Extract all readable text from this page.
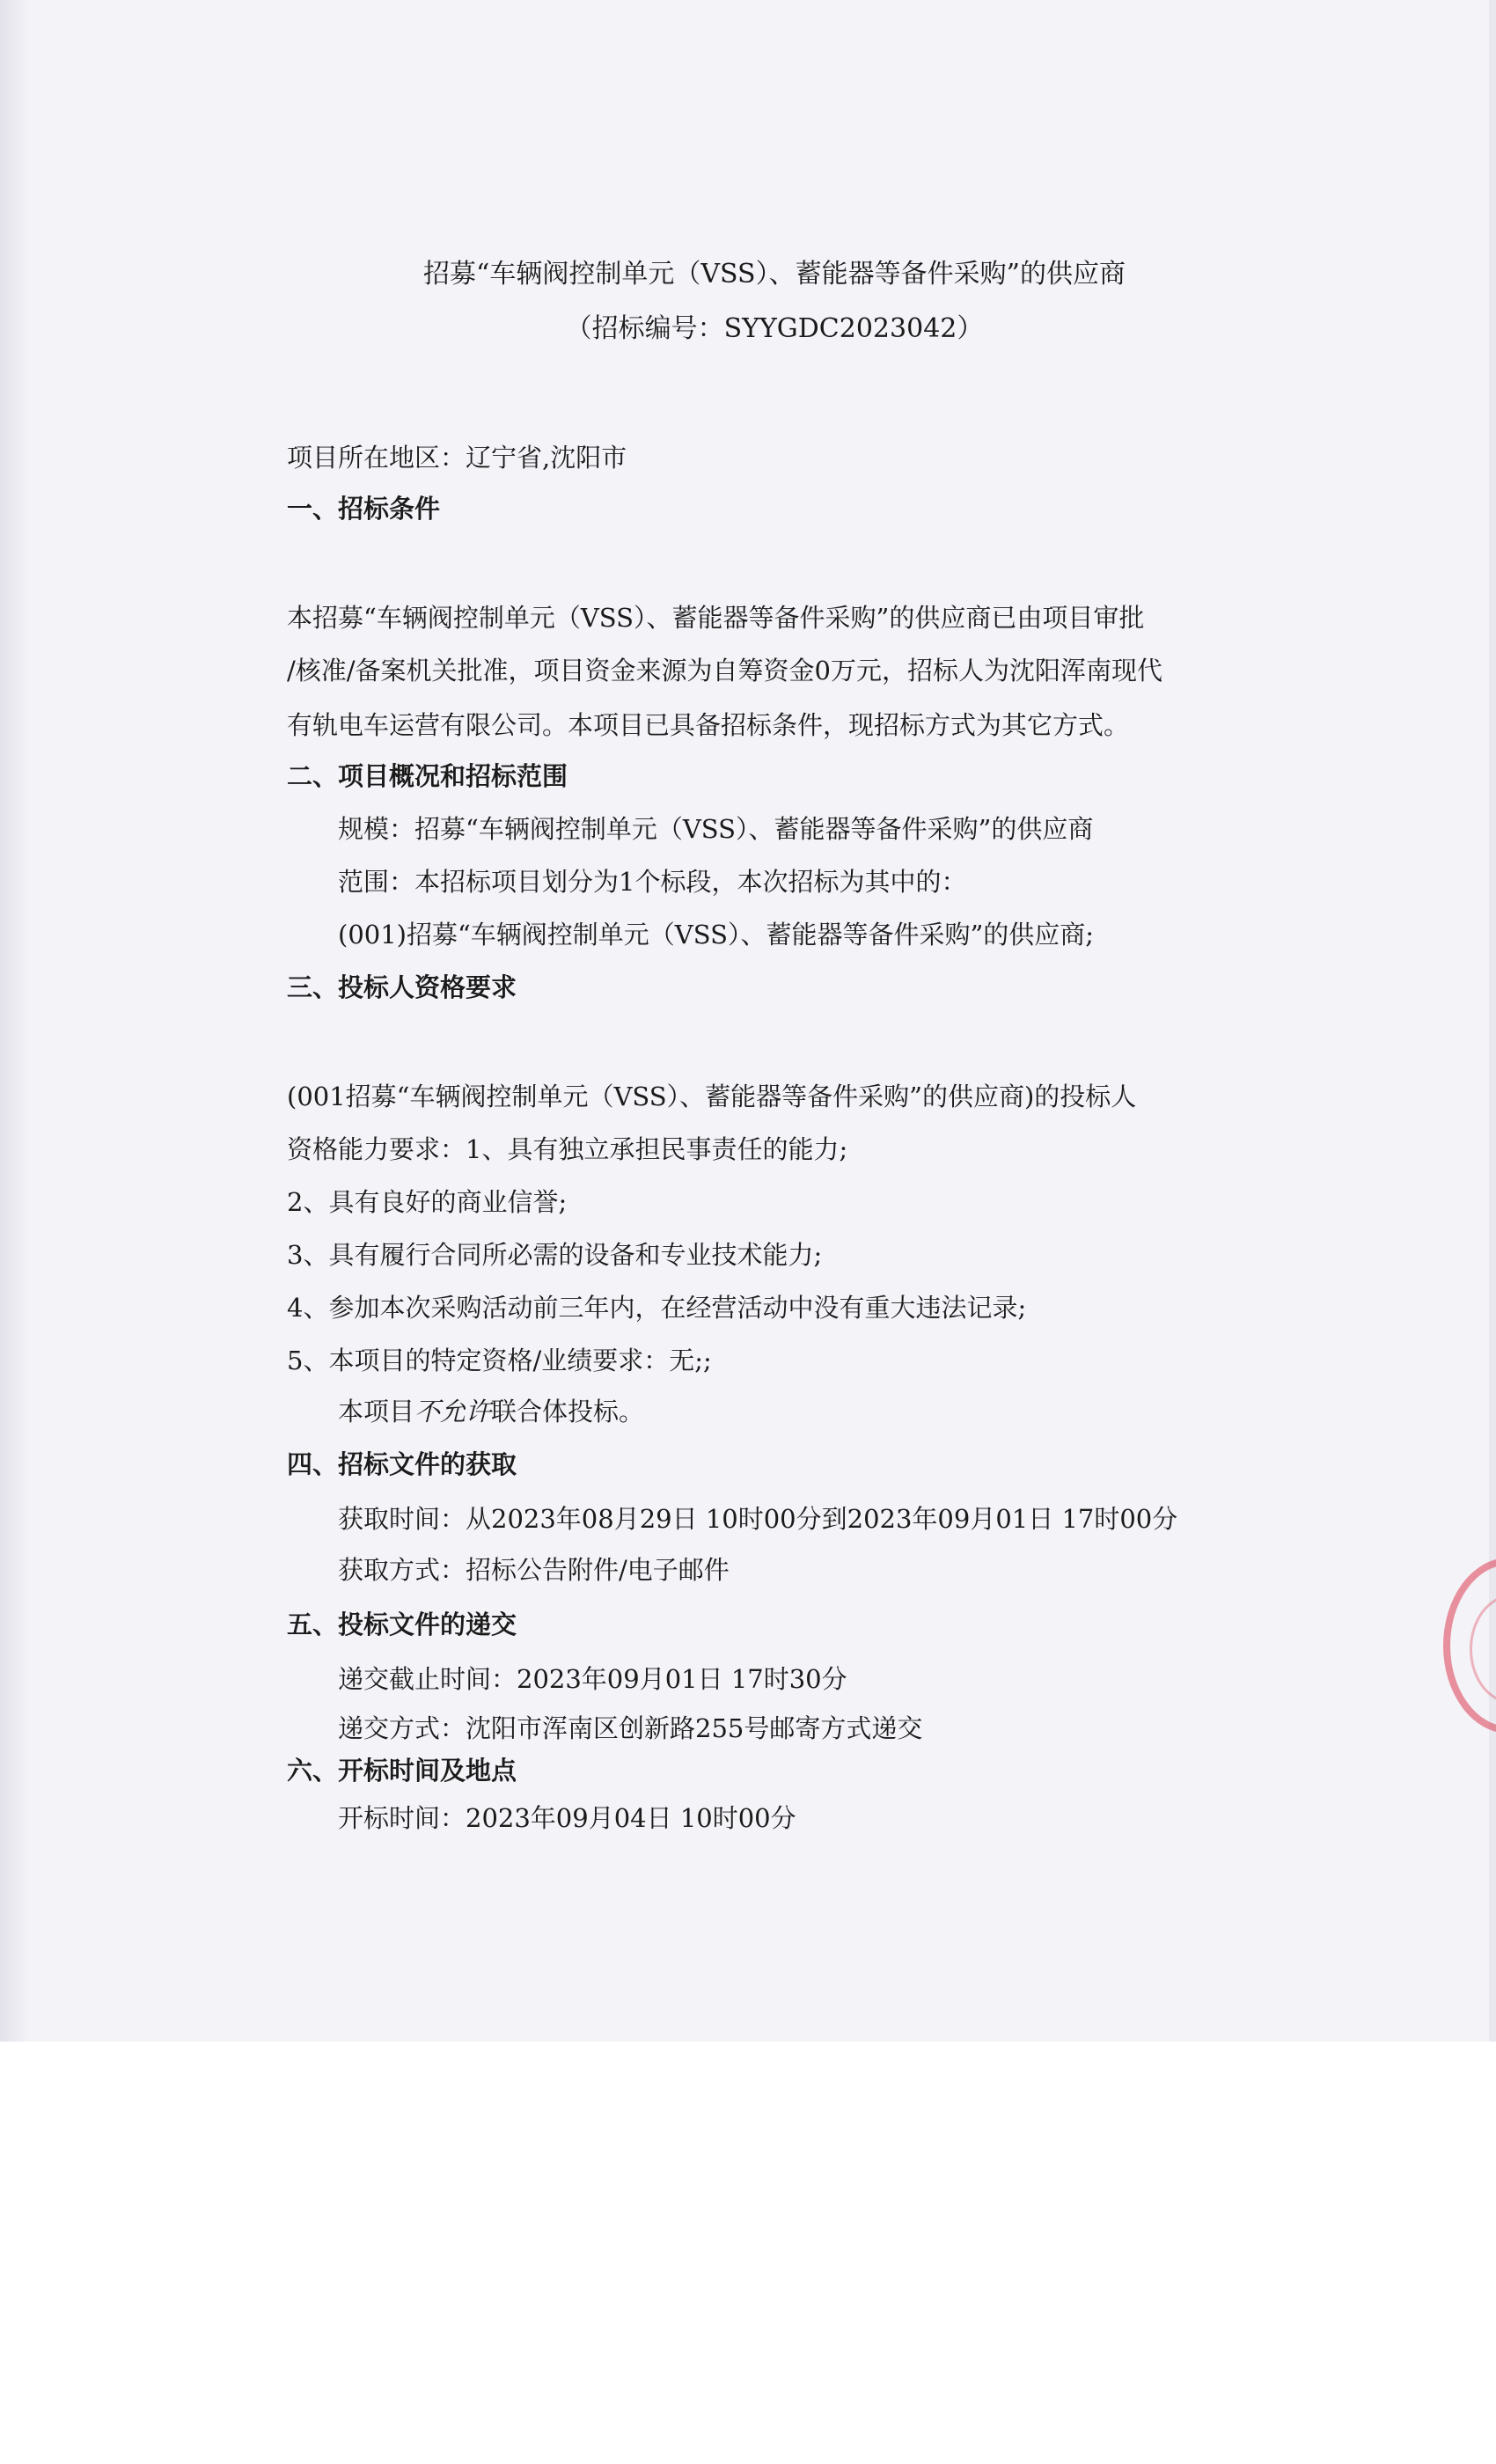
招募“车辆阀控制单元（VSS）、蓄能器等备件采购”的供应商

（招标编号：SYYGDC2023042）

项目所在地区：辽宁省,沈阳市

一、招标条件

本招募“车辆阀控制单元（VSS）、蓄能器等备件采购”的供应商已由项目审批

/核准/备案机关批准，项目资金来源为自筹资金0万元，招标人为沈阳浑南现代

有轨电车运营有限公司。本项目已具备招标条件，现招标方式为其它方式。

二、项目概况和招标范围

规模：招募“车辆阀控制单元（VSS）、蓄能器等备件采购”的供应商

范围：本招标项目划分为1个标段，本次招标为其中的：

(001)招募“车辆阀控制单元（VSS）、蓄能器等备件采购”的供应商;

三、投标人资格要求

(001招募“车辆阀控制单元（VSS）、蓄能器等备件采购”的供应商)的投标人

资格能力要求：1、具有独立承担民事责任的能力;

2、具有良好的商业信誉;

3、具有履行合同所必需的设备和专业技术能力;

4、参加本次采购活动前三年内，在经营活动中没有重大违法记录;

5、本项目的特定资格/业绩要求：无;;

本项目不允许联合体投标。

四、招标文件的获取

获取时间：从2023年08月29日 10时00分到2023年09月01日 17时00分

获取方式：招标公告附件/电子邮件

五、投标文件的递交

递交截止时间：2023年09月01日 17时30分

递交方式：沈阳市浑南区创新路255号邮寄方式递交

六、开标时间及地点

开标时间：2023年09月04日 10时00分
